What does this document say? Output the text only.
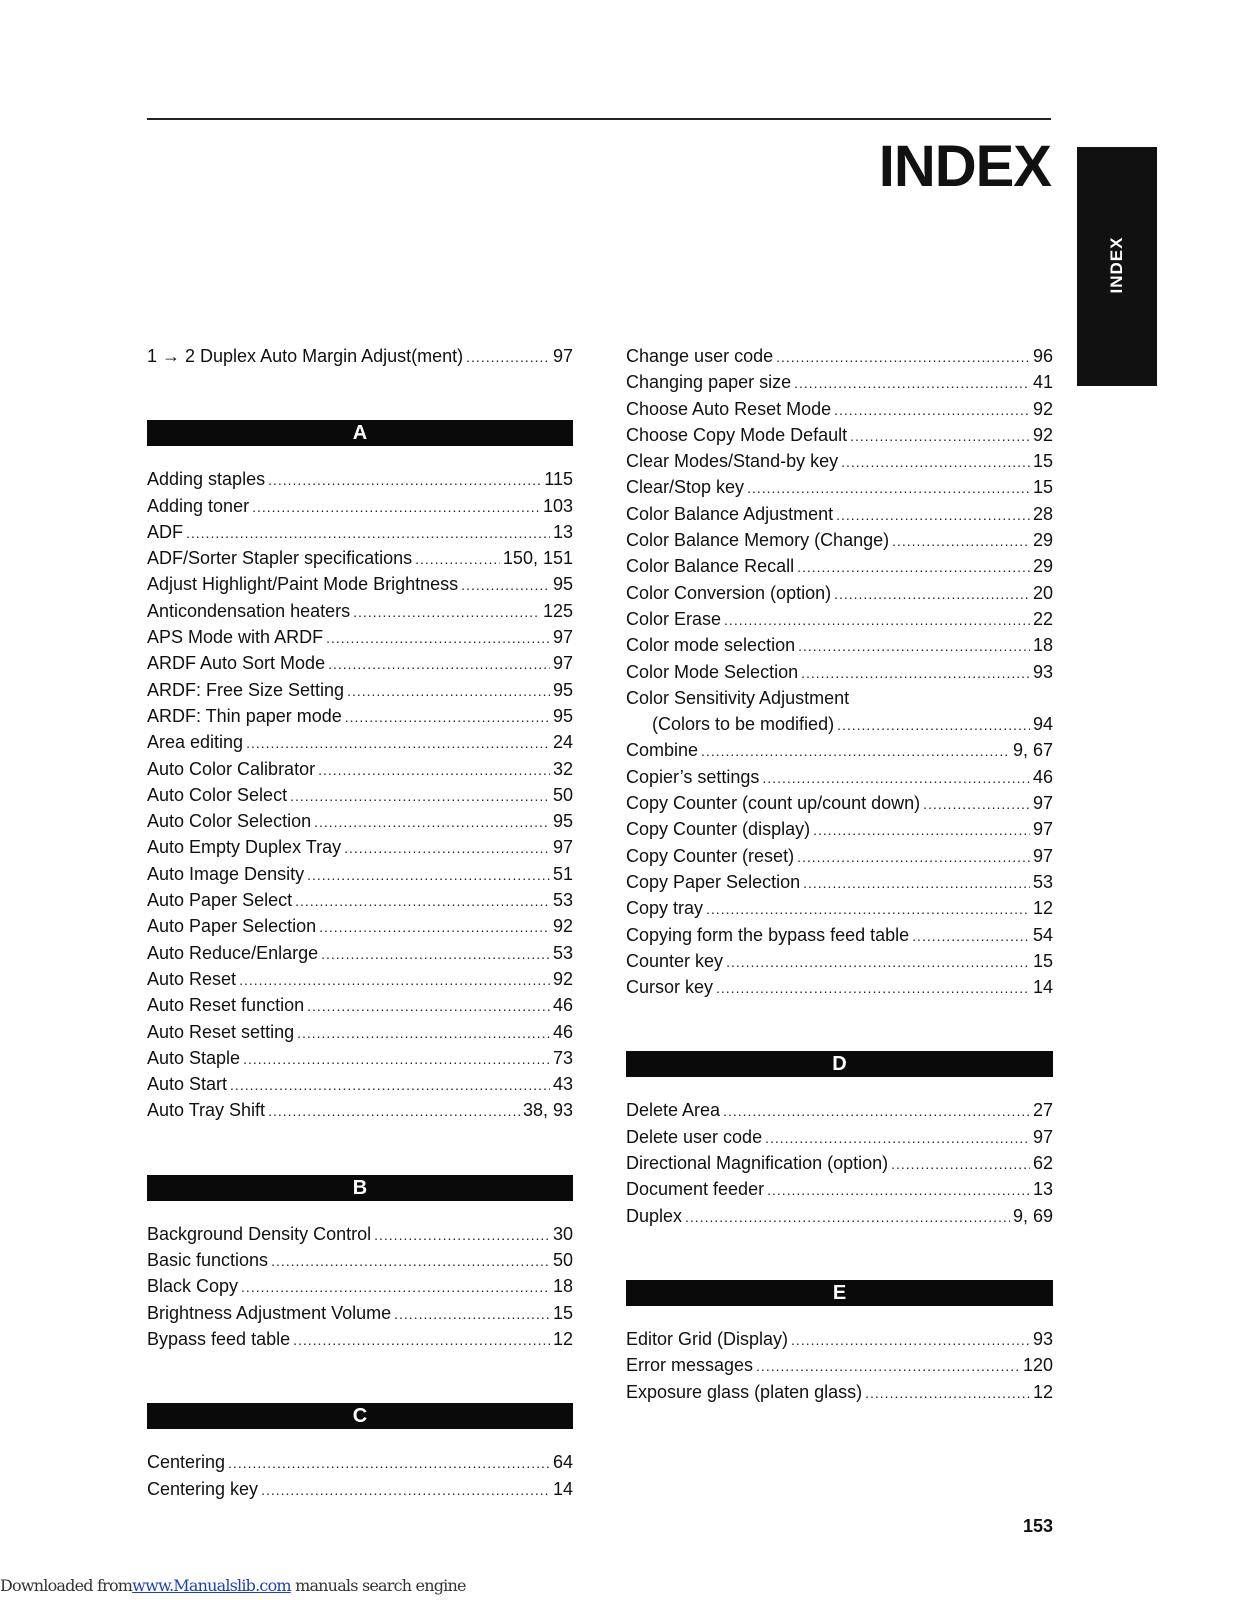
INDEX
INDEX
1 → 2 Duplex Auto Margin Adjust(ment) .....	97
A
Adding staples .....	115
Adding toner .....	103
ADF .....	13
ADF/Sorter Stapler specifications .....	150, 151
Adjust Highlight/Paint Mode Brightness .....	95
Anticondensation heaters .....	125
APS Mode with ARDF .....	97
ARDF Auto Sort Mode .....	97
ARDF: Free Size Setting .....	95
ARDF: Thin paper mode .....	95
Area editing .....	24
Auto Color Calibrator .....	32
Auto Color Select .....	50
Auto Color Selection .....	95
Auto Empty Duplex Tray .....	97
Auto Image Density .....	51
Auto Paper Select .....	53
Auto Paper Selection .....	92
Auto Reduce/Enlarge .....	53
Auto Reset .....	92
Auto Reset function .....	46
Auto Reset setting .....	46
Auto Staple .....	73
Auto Start .....	43
Auto Tray Shift .....	38, 93
B
Background Density Control .....	30
Basic functions .....	50
Black Copy .....	18
Brightness Adjustment Volume .....	15
Bypass feed table .....	12
C
Centering .....	64
Centering key .....	14
Change user code .....	96
Changing paper size .....	41
Choose Auto Reset Mode .....	92
Choose Copy Mode Default .....	92
Clear Modes/Stand-by key .....	15
Clear/Stop key .....	15
Color Balance Adjustment .....	28
Color Balance Memory (Change) .....	29
Color Balance Recall .....	29
Color Conversion (option) .....	20
Color Erase .....	22
Color mode selection .....	18
Color Mode Selection .....	93
Color Sensitivity Adjustment
(Colors to be modified) .....	94
Combine .....	9, 67
Copier’s settings .....	46
Copy Counter (count up/count down) .....	97
Copy Counter (display) .....	97
Copy Counter (reset) .....	97
Copy Paper Selection .....	53
Copy tray .....	12
Copying form the bypass feed table .....	54
Counter key .....	15
Cursor key .....	14
D
Delete Area .....	27
Delete user code .....	97
Directional Magnification (option) .....	62
Document feeder .....	13
Duplex .....	9, 69
E
Editor Grid (Display) .....	93
Error messages .....	120
Exposure glass (platen glass) .....	12
153
Downloaded fromwww.Manualslib.com manuals search engine
